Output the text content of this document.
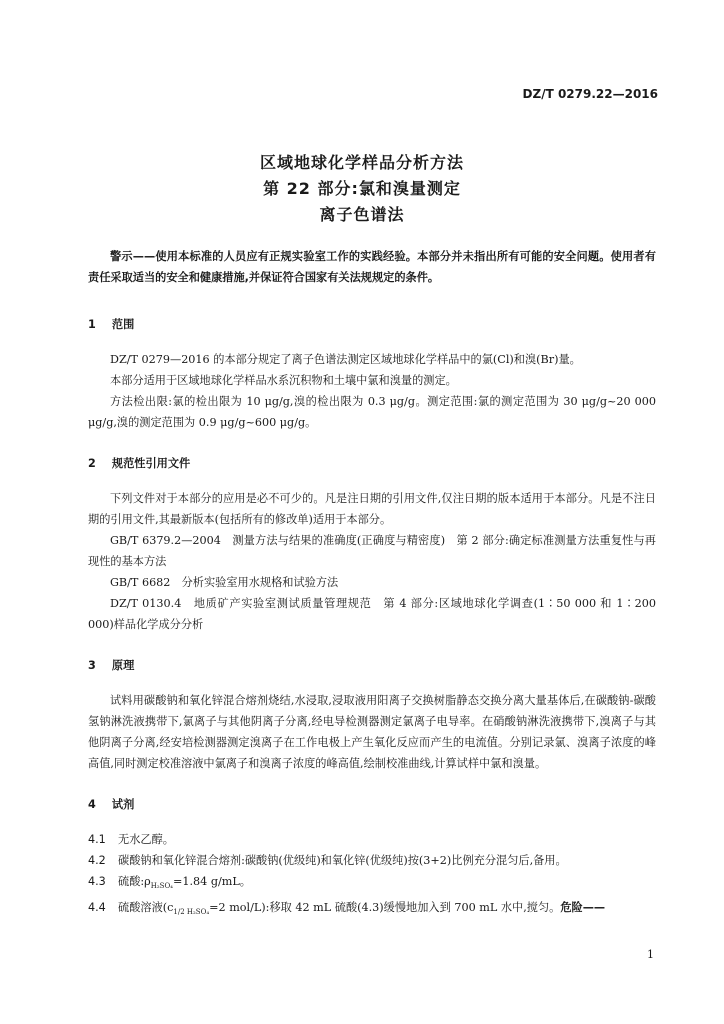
DZ/T 0279.22—2016
区域地球化学样品分析方法
第 22 部分:氯和溴量测定
离子色谱法

警示——使用本标准的人员应有正规实验室工作的实践经验。本部分并未指出所有可能的安全问题。使用者有责任采取适当的安全和健康措施,并保证符合国家有关法规规定的条件。

1 范围

DZ/T 0279—2016 的本部分规定了离子色谱法测定区域地球化学样品中的氯(Cl)和溴(Br)量。

本部分适用于区域地球化学样品水系沉积物和土壤中氯和溴量的测定。

方法检出限:氯的检出限为 10 μg/g,溴的检出限为 0.3 μg/g。测定范围:氯的测定范围为 30 μg/g~20 000 μg/g,溴的测定范围为 0.9 μg/g~600 μg/g。

2 规范性引用文件

下列文件对于本部分的应用是必不可少的。凡是注日期的引用文件,仅注日期的版本适用于本部分。凡是不注日期的引用文件,其最新版本(包括所有的修改单)适用于本部分。

GB/T 6379.2—2004　测量方法与结果的准确度(正确度与精密度)　第 2 部分:确定标准测量方法重复性与再现性的基本方法

GB/T 6682　分析实验室用水规格和试验方法

DZ/T 0130.4　地质矿产实验室测试质量管理规范　第 4 部分:区域地球化学调查(1∶50 000 和 1∶200 000)样品化学成分分析

3 原理

试料用碳酸钠和氧化锌混合熔剂烧结,水浸取,浸取液用阳离子交换树脂静态交换分离大量基体后,在碳酸钠-碳酸氢钠淋洗液携带下,氯离子与其他阴离子分离,经电导检测器测定氯离子电导率。在硝酸钠淋洗液携带下,溴离子与其他阴离子分离,经安培检测器测定溴离子在工作电极上产生氧化反应而产生的电流值。分别记录氯、溴离子浓度的峰高值,同时测定校准溶液中氯离子和溴离子浓度的峰高值,绘制校准曲线,计算试样中氯和溴量。

4 试剂
4.1	无水乙醇。
4.2	碳酸钠和氧化锌混合熔剂:碳酸钠(优级纯)和氧化锌(优级纯)按(3+2)比例充分混匀后,备用。
4.3	硫酸$:\rho_{H_2SO_4}=1.84$ g/mL。
4.4	硫酸溶液($c_{1/2 H_2SO_4}=2$ mol/L):移取 42 mL 硫酸(4.3)缓慢地加入到 700 mL 水中,搅匀。危险——
1
